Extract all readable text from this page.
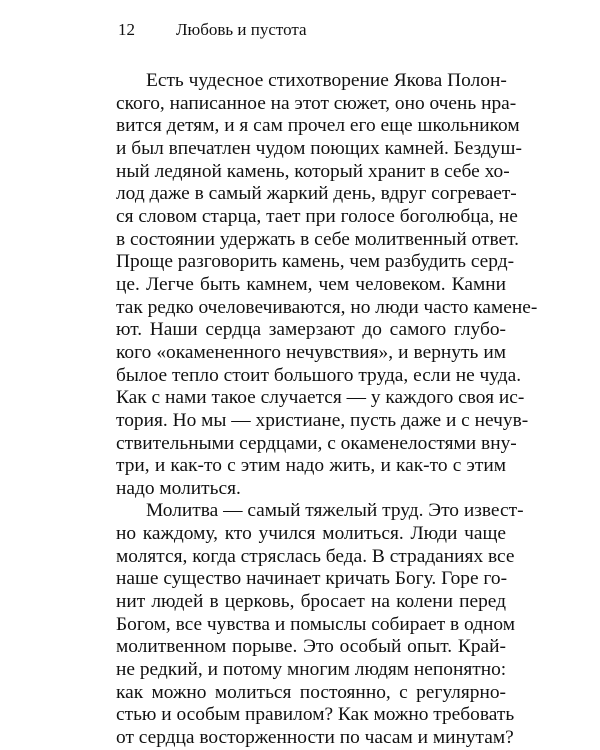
12 Любовь и пустота
Есть чудесное стихотворение Якова Полон-
ского, написанное на этот сюжет, оно очень нра-
вится детям, и я сам прочел его еще школьником
и был впечатлен чудом поющих камней. Бездуш-
ный ледяной камень, который хранит в себе хо-
лод даже в самый жаркий день, вдруг согревает-
ся словом старца, тает при голосе боголюбца, не
в состоянии удержать в себе молитвенный ответ.
Проще разговорить камень, чем разбудить серд-
це. Легче быть камнем, чем человеком. Камни
так редко очеловечиваются, но люди часто камене-
ют. Наши сердца замерзают до самого глубо-
кого «окамененного нечувствия», и вернуть им
былое тепло стоит большого труда, если не чуда.
Как с нами такое случается — у каждого своя ис-
тория. Но мы — христиане, пусть даже и с нечув-
ствительными сердцами, с окаменелостями вну-
три, и как-то с этим надо жить, и как-то с этим
надо молиться.
Молитва — самый тяжелый труд. Это извест-
но каждому, кто учился молиться. Люди чаще
молятся, когда стряслась беда. В страданиях все
наше существо начинает кричать Богу. Горе го-
нит людей в церковь, бросает на колени перед
Богом, все чувства и помыслы собирает в одном
молитвенном порыве. Это особый опыт. Край-
не редкий, и потому многим людям непонятно:
как можно молиться постоянно, с регулярно-
стью и особым правилом? Как можно требовать
от сердца восторженности по часам и минутам?
